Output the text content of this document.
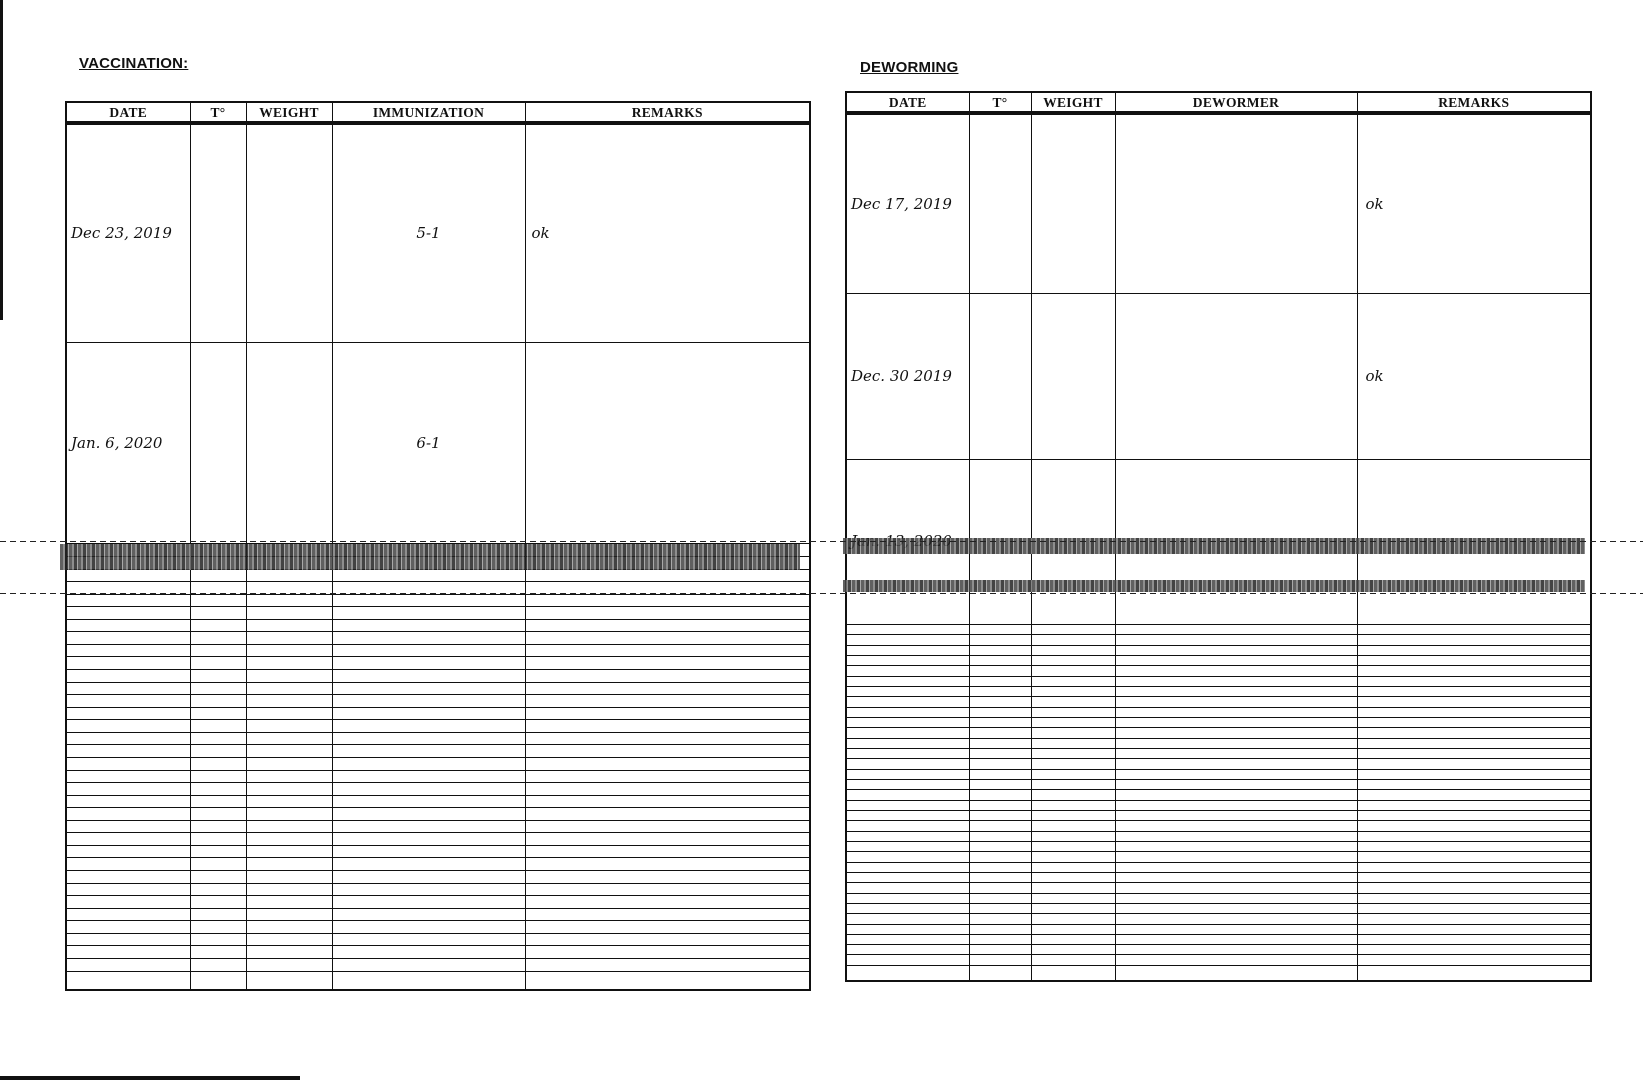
VACCINATION:	DEWORMING
DATE	T°	WEIGHT	IMMUNIZATION	REMARKS
Dec 23, 2019			5-1	ok
Jan. 6, 2020			6-1	

DATE	T°	WEIGHT	DEWORMER	REMARKS
Dec 17, 2019				ok
Dec. 30 2019				ok
